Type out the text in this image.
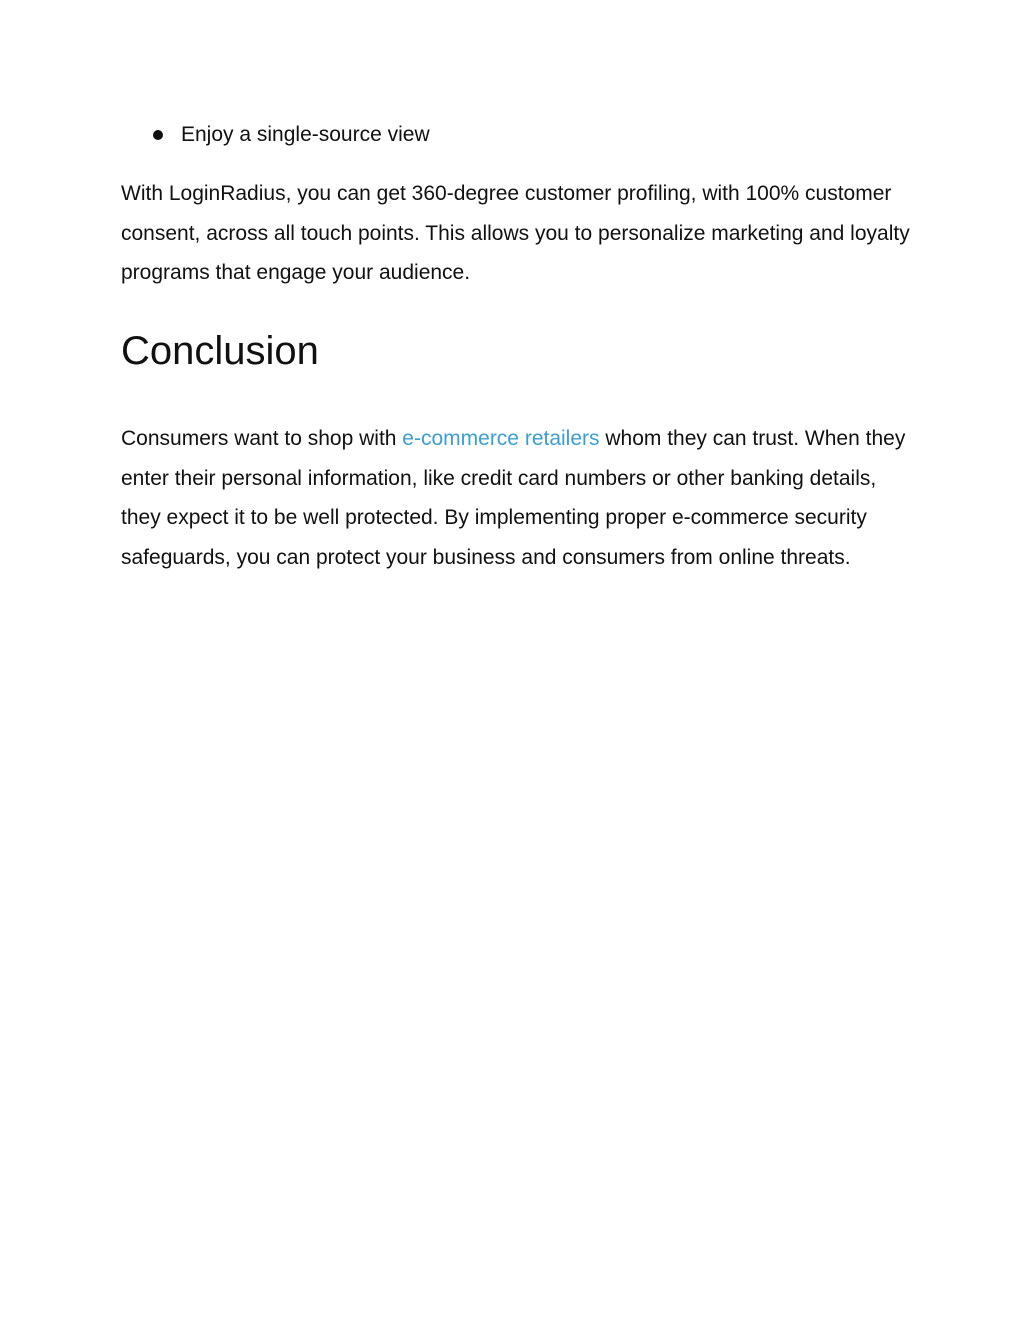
Enjoy a single-source view

With LoginRadius, you can get 360-degree customer profiling, with 100% customer consent, across all touch points. This allows you to personalize marketing and loyalty programs that engage your audience.

Conclusion

Consumers want to shop with e-commerce retailers whom they can trust. When they enter their personal information, like credit card numbers or other banking details, they expect it to be well protected. By implementing proper e-commerce security safeguards, you can protect your business and consumers from online threats.
